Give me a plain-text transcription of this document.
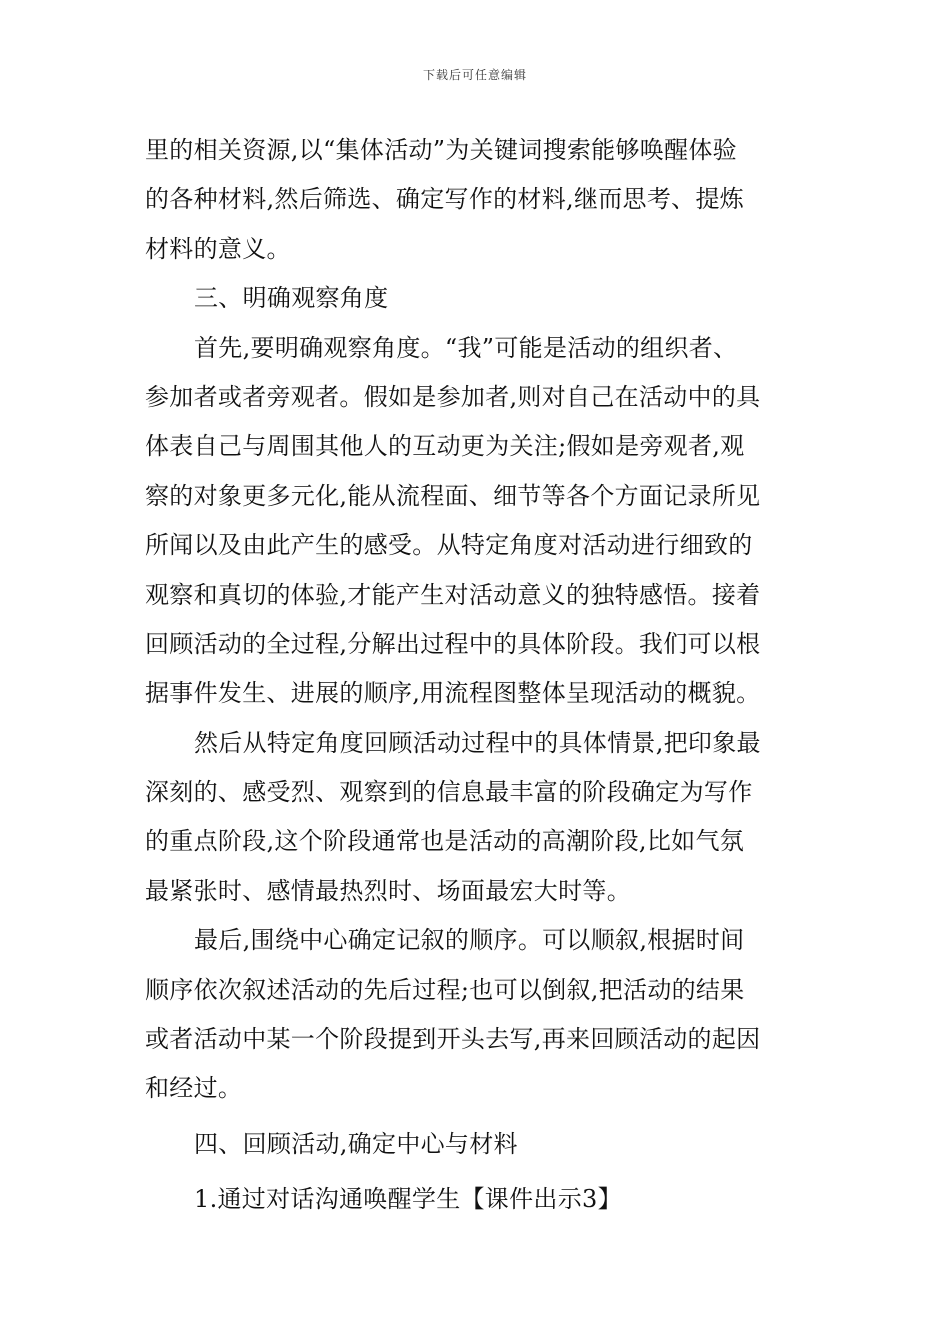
下载后可任意编辑
里的相关资源,以“集体活动”为关键词搜索能够唤醒体验
的各种材料,然后筛选、确定写作的材料,继而思考、提炼
材料的意义。
三、明确观察角度
首先,要明确观察角度。“我”可能是活动的组织者、
参加者或者旁观者。假如是参加者,则对自己在活动中的具
体表自己与周围其他人的互动更为关注;假如是旁观者,观
察的对象更多元化,能从流程面、细节等各个方面记录所见
所闻以及由此产生的感受。从特定角度对活动进行细致的
观察和真切的体验,才能产生对活动意义的独特感悟。接着
回顾活动的全过程,分解出过程中的具体阶段。我们可以根
据事件发生、进展的顺序,用流程图整体呈现活动的概貌。
然后从特定角度回顾活动过程中的具体情景,把印象最
深刻的、感受烈、观察到的信息最丰富的阶段确定为写作
的重点阶段,这个阶段通常也是活动的高潮阶段,比如气氛
最紧张时、感情最热烈时、场面最宏大时等。
最后,围绕中心确定记叙的顺序。可以顺叙,根据时间
顺序依次叙述活动的先后过程;也可以倒叙,把活动的结果
或者活动中某一个阶段提到开头去写,再来回顾活动的起因
和经过。
四、回顾活动,确定中心与材料
1.通过对话沟通唤醒学生【课件出示3】
